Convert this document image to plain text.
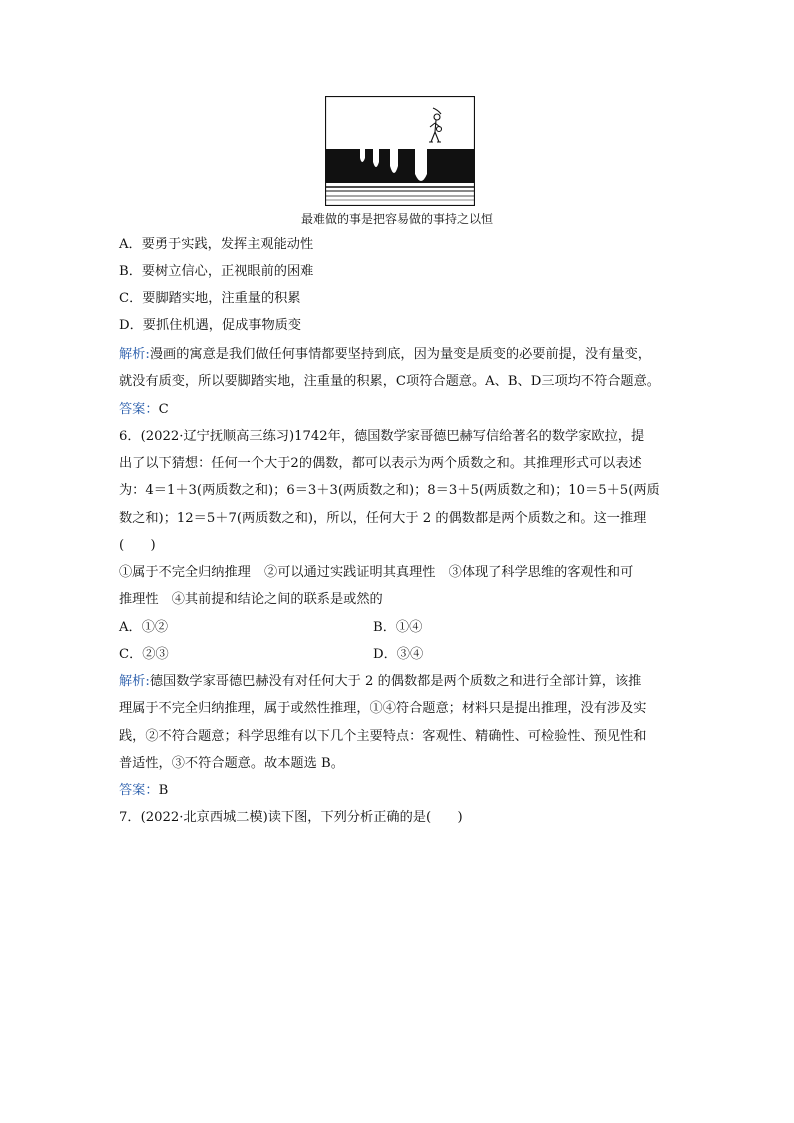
最难做的事是把容易做的事持之以恒
A．要勇于实践，发挥主观能动性
B．要树立信心，正视眼前的困难
C．要脚踏实地，注重量的积累
D．要抓住机遇，促成事物质变
解析:漫画的寓意是我们做任何事情都要坚持到底，因为量变是质变的必要前提，没有量变，
就没有质变，所以要脚踏实地，注重量的积累，C项符合题意。A、B、D三项均不符合题意。
答案：C
6．(2022·辽宁抚顺高三练习)1742年，德国数学家哥德巴赫写信给著名的数学家欧拉，提
出了以下猜想：任何一个大于2的偶数，都可以表示为两个质数之和。其推理形式可以表述
为：4＝1＋3(两质数之和)；6＝3＋3(两质数之和)；8＝3＋5(两质数之和)；10＝5＋5(两质
数之和)；12＝5＋7(两质数之和)，所以，任何大于 2 的偶数都是两个质数之和。这一推理
(　　)
①属于不完全归纳推理　②可以通过实践证明其真理性　③体现了科学思维的客观性和可
推理性　④其前提和结论之间的联系是或然的
A．①②	B．①④
C．②③	D．③④
解析:德国数学家哥德巴赫没有对任何大于 2 的偶数都是两个质数之和进行全部计算，该推
理属于不完全归纳推理，属于或然性推理，①④符合题意；材料只是提出推理，没有涉及实
践，②不符合题意；科学思维有以下几个主要特点：客观性、精确性、可检验性、预见性和
普适性，③不符合题意。故本题选 B。
答案：B
7．(2022·北京西城二模)读下图，下列分析正确的是(　　)
